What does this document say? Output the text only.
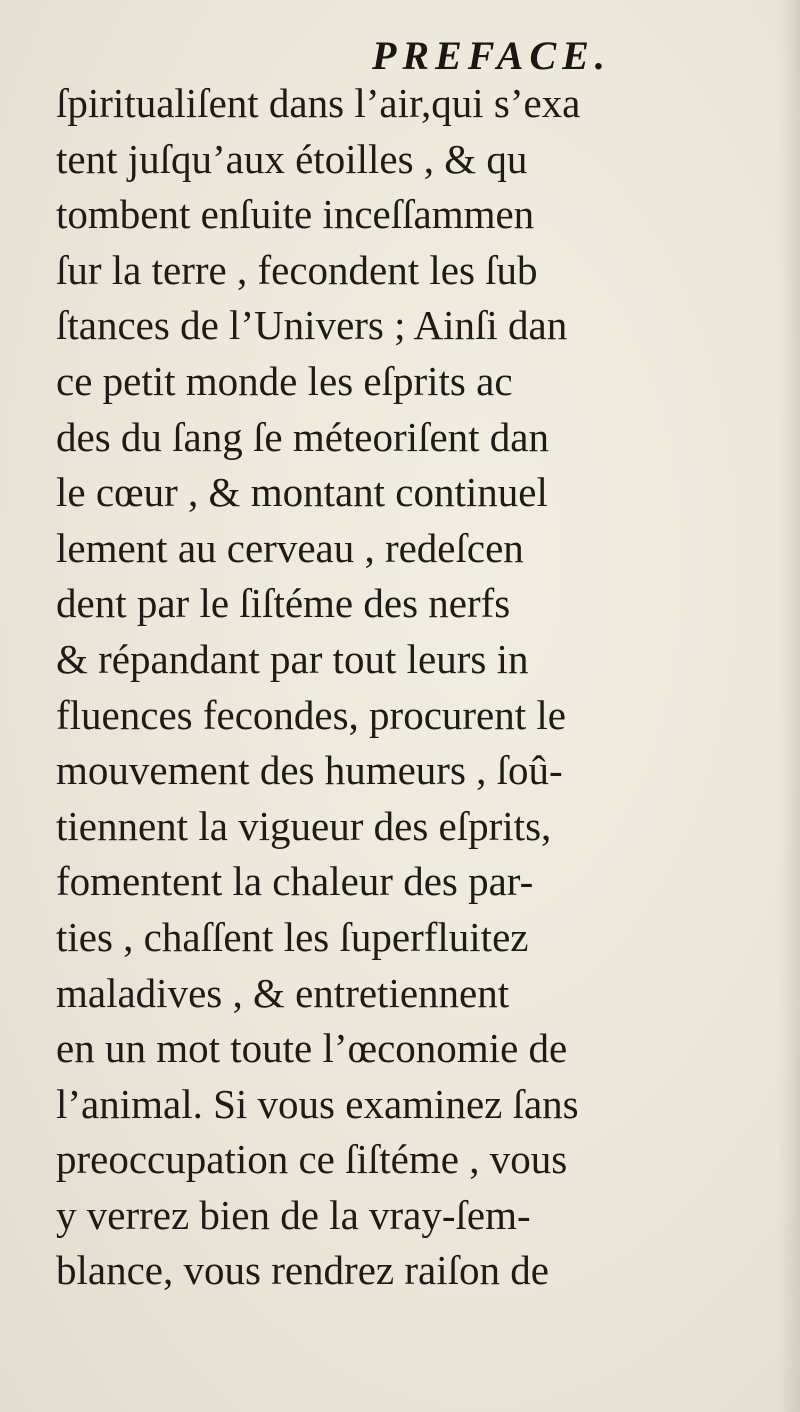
PREFACE.
ſpiritualiſent dans l’air,qui s’exa
tent juſqu’aux étoilles , & qu
tombent enſuite inceſſammen
ſur la terre , fecondent les ſub
ſtances de l’Univers ; Ainſi dan
ce petit monde les eſprits ac
des du ſang ſe méteoriſent dan
le cœur , & montant continuel
lement au cerveau , redeſcen
dent par le ſiſtéme des nerfs
& répandant par tout leurs in
fluences fecondes, procurent le
mouvement des humeurs , ſoû-
tiennent la vigueur des eſprits,
fomentent la chaleur des par-
ties , chaſſent les ſuperfluitez
maladives , & entretiennent
en un mot toute l’œconomie de
l’animal. Si vous examinez ſans
preoccupation ce ſiſtéme , vous
y verrez bien de la vray-ſem-
blance, vous rendrez raiſon de
